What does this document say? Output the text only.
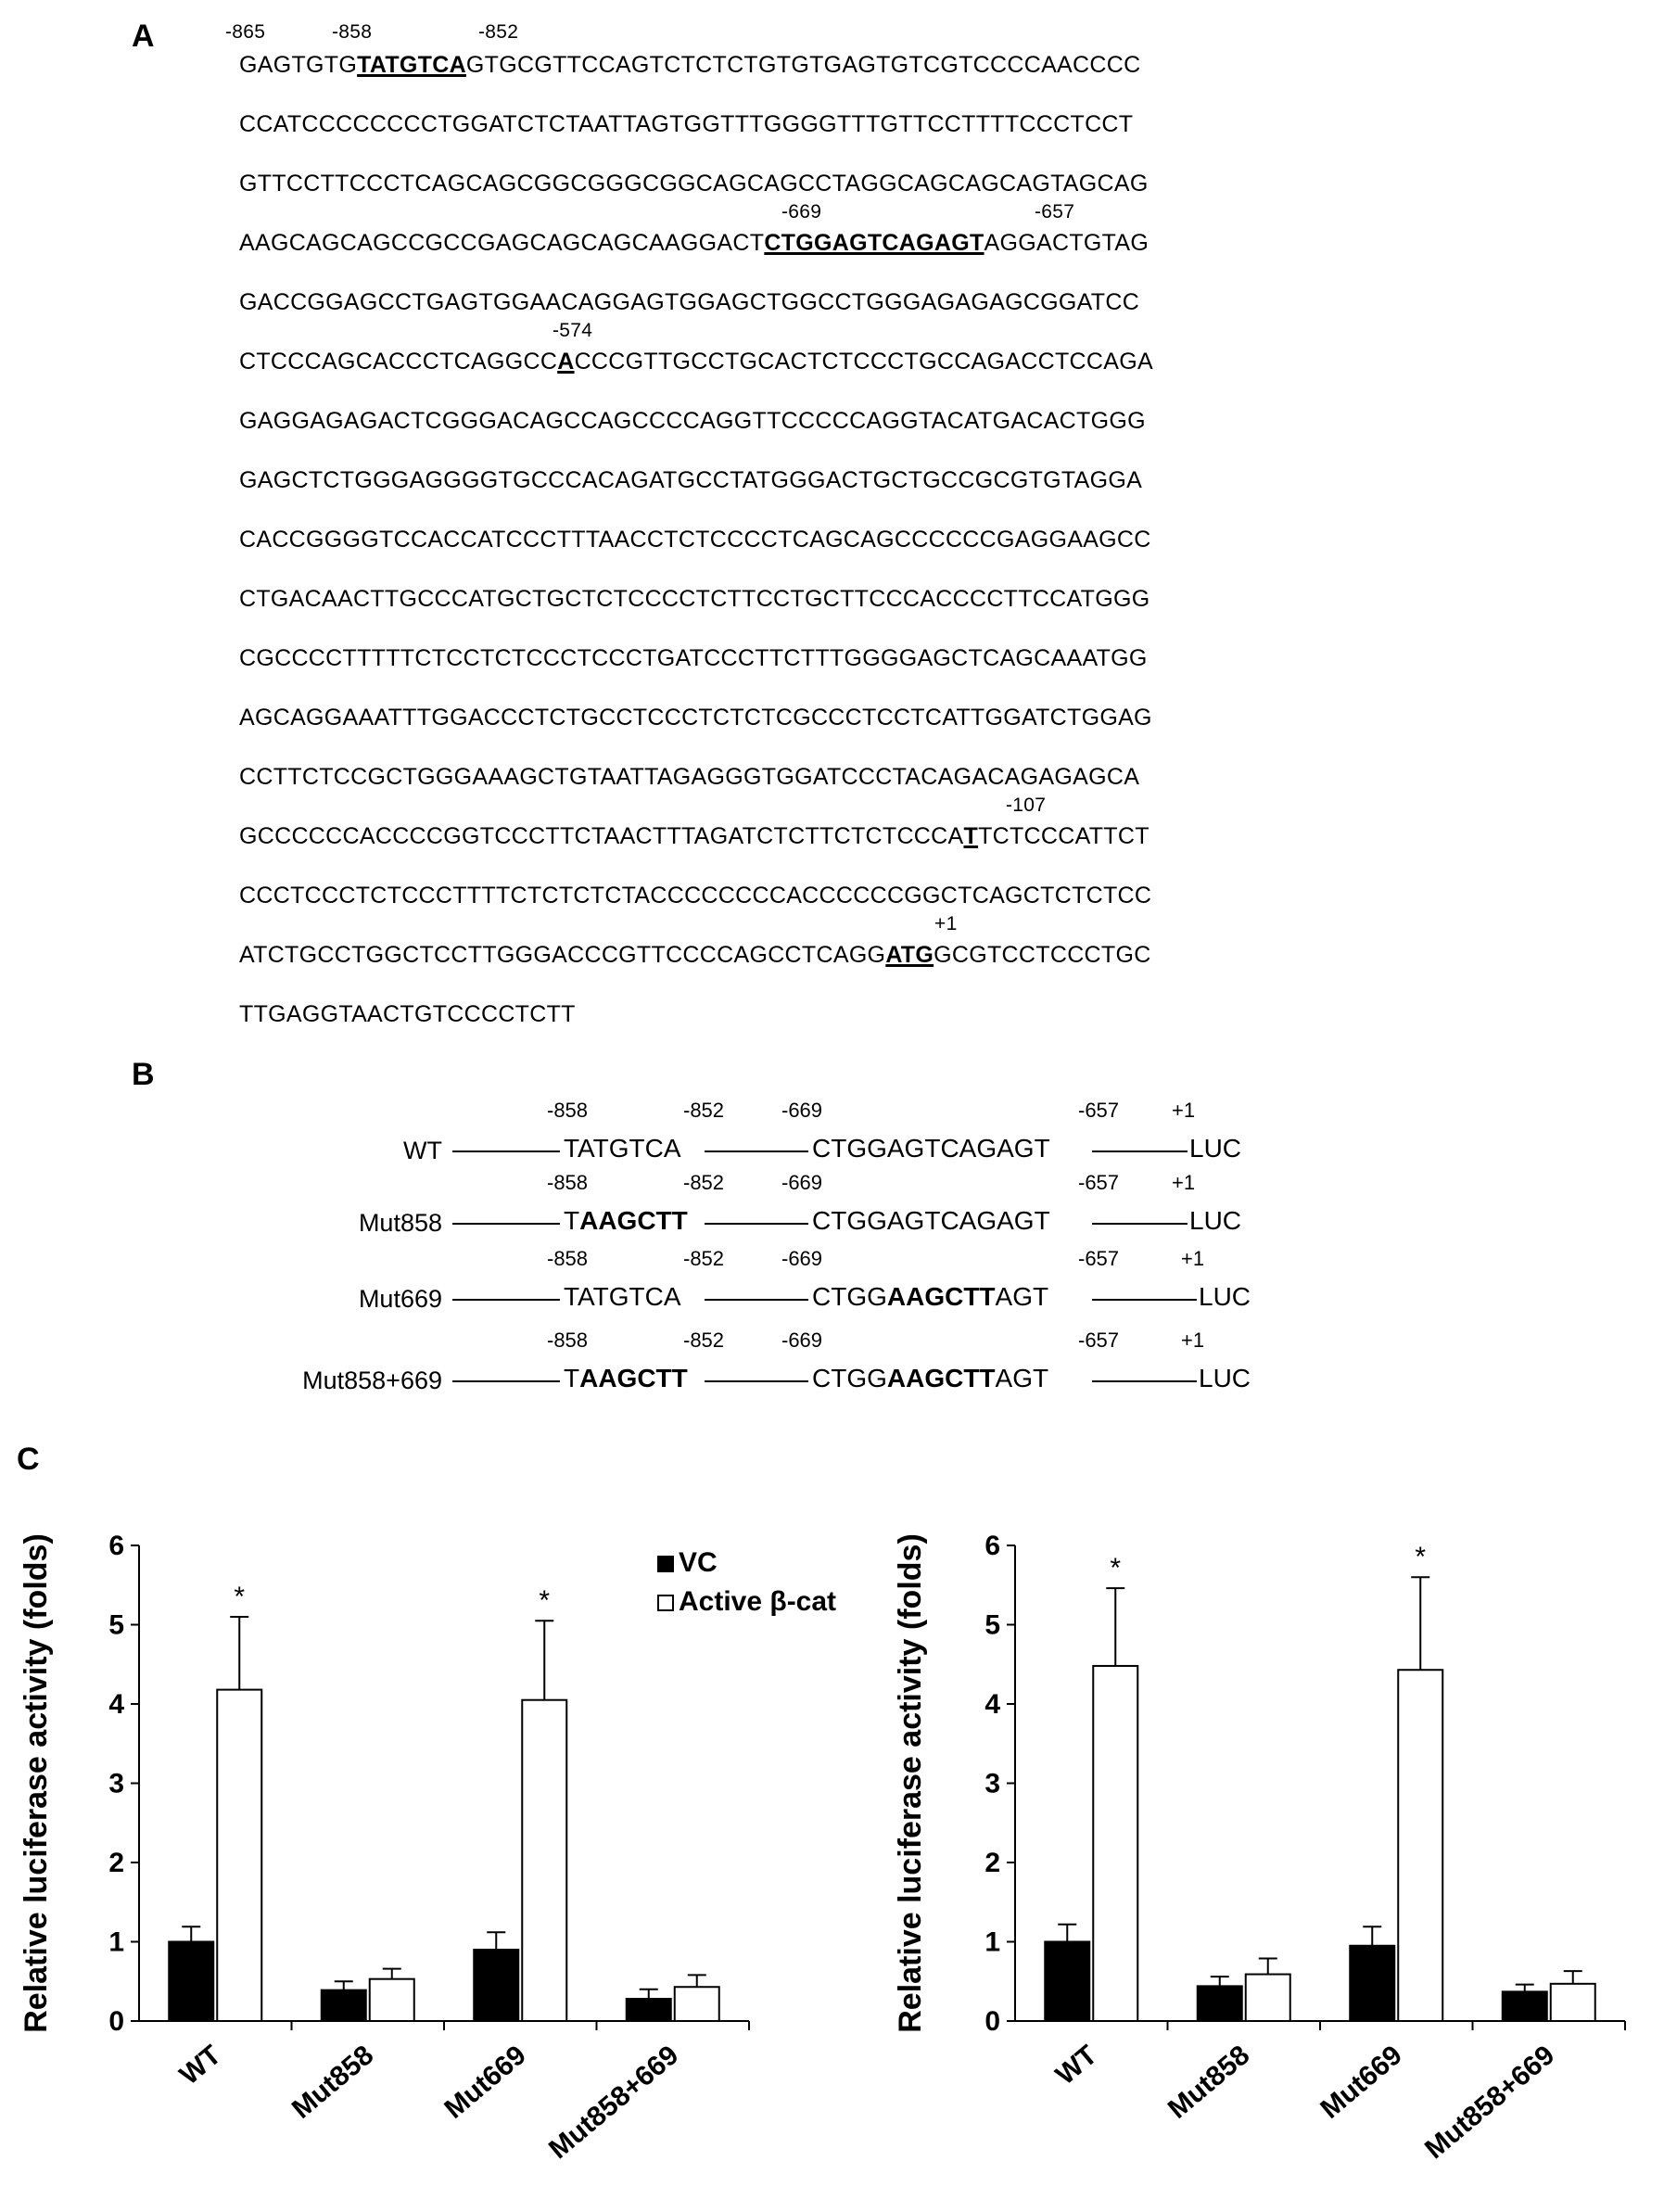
A
B
C
GAGTGTGTATGTCAGTGCGTTCCAGTCTCTCTGTGTGAGTGTCGTCCCCAACCCC
-865	-858	-852
CCATCCCCCCCCTGGATCTCTAATTAGTGGTTTGGGGTTTGTTCCTTTTCCCTCCT
GTTCCTTCCCTCAGCAGCGGCGGGCGGCAGCAGCCTAGGCAGCAGCAGTAGCAG
AAGCAGCAGCCGCCGAGCAGCAGCAAGGACTCTGGAGTCAGAGTAGGACTGTAG
-669	-657
GACCGGAGCCTGAGTGGAACAGGAGTGGAGCTGGCCTGGGAGAGAGCGGATCC
CTCCCAGCACCCTCAGGCCACCCGTTGCCTGCACTCTCCCTGCCAGACCTCCAGA
-574
GAGGAGAGACTCGGGACAGCCAGCCCCAGGTTCCCCCAGGTACATGACACTGGG
GAGCTCTGGGAGGGGTGCCCACAGATGCCTATGGGACTGCTGCCGCGTGTAGGA
CACCGGGGTCCACCATCCCTTTAACCTCTCCCCTCAGCAGCCCCCCGAGGAAGCC
CTGACAACTTGCCCATGCTGCTCTCCCCTCTTCCTGCTTCCCACCCCTTCCATGGG
CGCCCCTTTTTCTCCTCTCCCTCCCTGATCCCTTCTTTGGGGAGCTCAGCAAATGG
AGCAGGAAATTTGGACCCTCTGCCTCCCTCTCTCGCCCTCCTCATTGGATCTGGAG
CCTTCTCCGCTGGGAAAGCTGTAATTAGAGGGTGGATCCCTACAGACAGAGAGCA
GCCCCCCACCCCGGTCCCTTCTAACTTTAGATCTCTTCTCTCCCATTCTCCCATTCT
-107
CCCTCCCTCTCCCTTTTCTCTCTCTACCCCCCCCACCCCCCGGCTCAGCTCTCTCC
ATCTGCCTGGCTCCTTGGGACCCGTTCCCCAGCCTCAGGATGGCGTCCTCCCTGC
+1
TTGAGGTAACTGTCCCCTCTT
WT	TATGTCA	CTGGAGTCAGAGT	LUC
-858	-852	-669	-657	+1
Mut858	TAAGCTT	CTGGAGTCAGAGT	LUC
-858	-852	-669	-657	+1
Mut669	TATGTCA	CTGGAAGCTTAGT	LUC
-858	-852	-669	-657	+1
Mut858+669	TAAGCTT	CTGGAAGCTTAGT	LUC
-858	-852	-669	-657	+1
0
1
2
3
4
5
6
Relative luciferase activity (folds)	*
WT Mut858
*
Mut669 Mut858+669
VC
Active β-cat
0
1
2
3
4
5
6
Relative luciferase activity (folds)	*
WT Mut858
*
Mut669 Mut858+669
